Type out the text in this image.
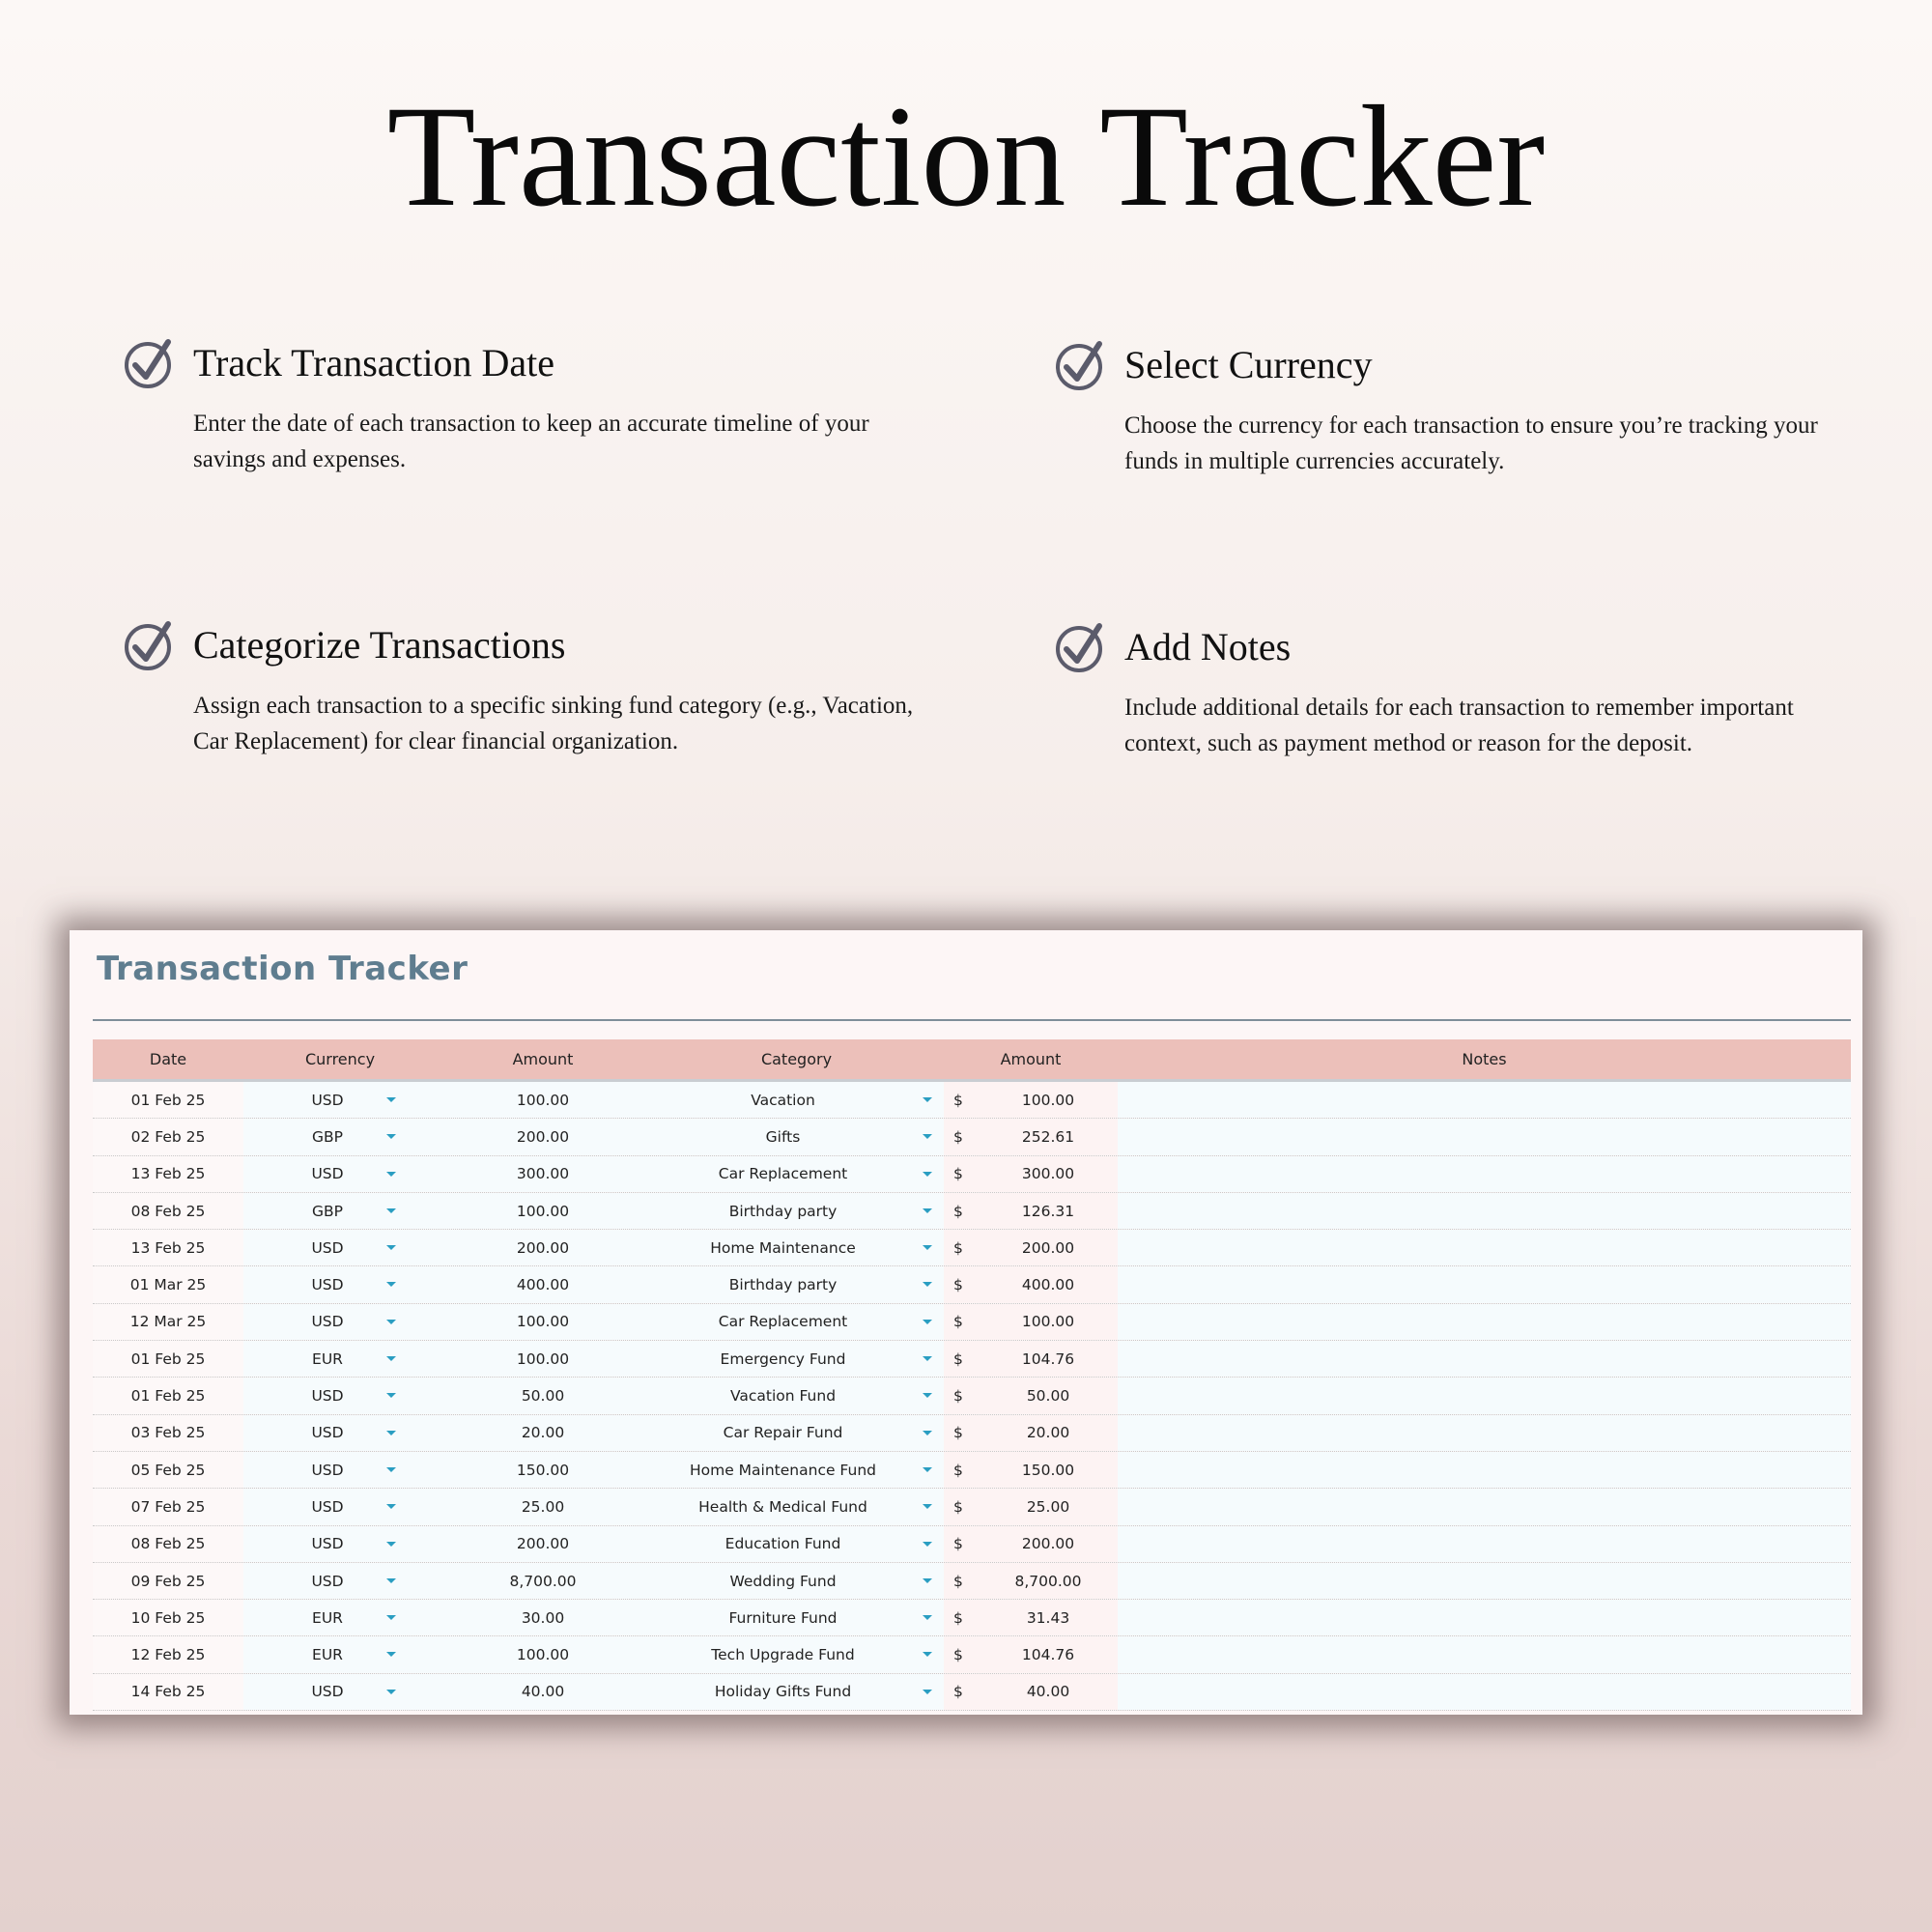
Transaction Tracker
Track Transaction Date
Enter the date of each transaction to keep an accurate timeline of your savings and expenses.
Select Currency
Choose the currency for each transaction to ensure you’re tracking your funds in multiple currencies accurately.
Categorize Transactions
Assign each transaction to a specific sinking fund category (e.g., Vacation, Car Replacement) for clear financial organization.
Add Notes
Include additional details for each transaction to remember important context, such as payment method or reason for the deposit.
Transaction Tracker
Date	Currency	Amount	Category	Amount	Notes
01 Feb 25	USD	100.00	Vacation	$	100.00
02 Feb 25	GBP	200.00	Gifts	$	252.61
13 Feb 25	USD	300.00	Car Replacement	$	300.00
08 Feb 25	GBP	100.00	Birthday party	$	126.31
13 Feb 25	USD	200.00	Home Maintenance	$	200.00
01 Mar 25	USD	400.00	Birthday party	$	400.00
12 Mar 25	USD	100.00	Car Replacement	$	100.00
01 Feb 25	EUR	100.00	Emergency Fund	$	104.76
01 Feb 25	USD	50.00	Vacation Fund	$	50.00
03 Feb 25	USD	20.00	Car Repair Fund	$	20.00
05 Feb 25	USD	150.00	Home Maintenance Fund	$	150.00
07 Feb 25	USD	25.00	Health & Medical Fund	$	25.00
08 Feb 25	USD	200.00	Education Fund	$	200.00
09 Feb 25	USD	8,700.00	Wedding Fund	$	8,700.00
10 Feb 25	EUR	30.00	Furniture Fund	$	31.43
12 Feb 25	EUR	100.00	Tech Upgrade Fund	$	104.76
14 Feb 25	USD	40.00	Holiday Gifts Fund	$	40.00
